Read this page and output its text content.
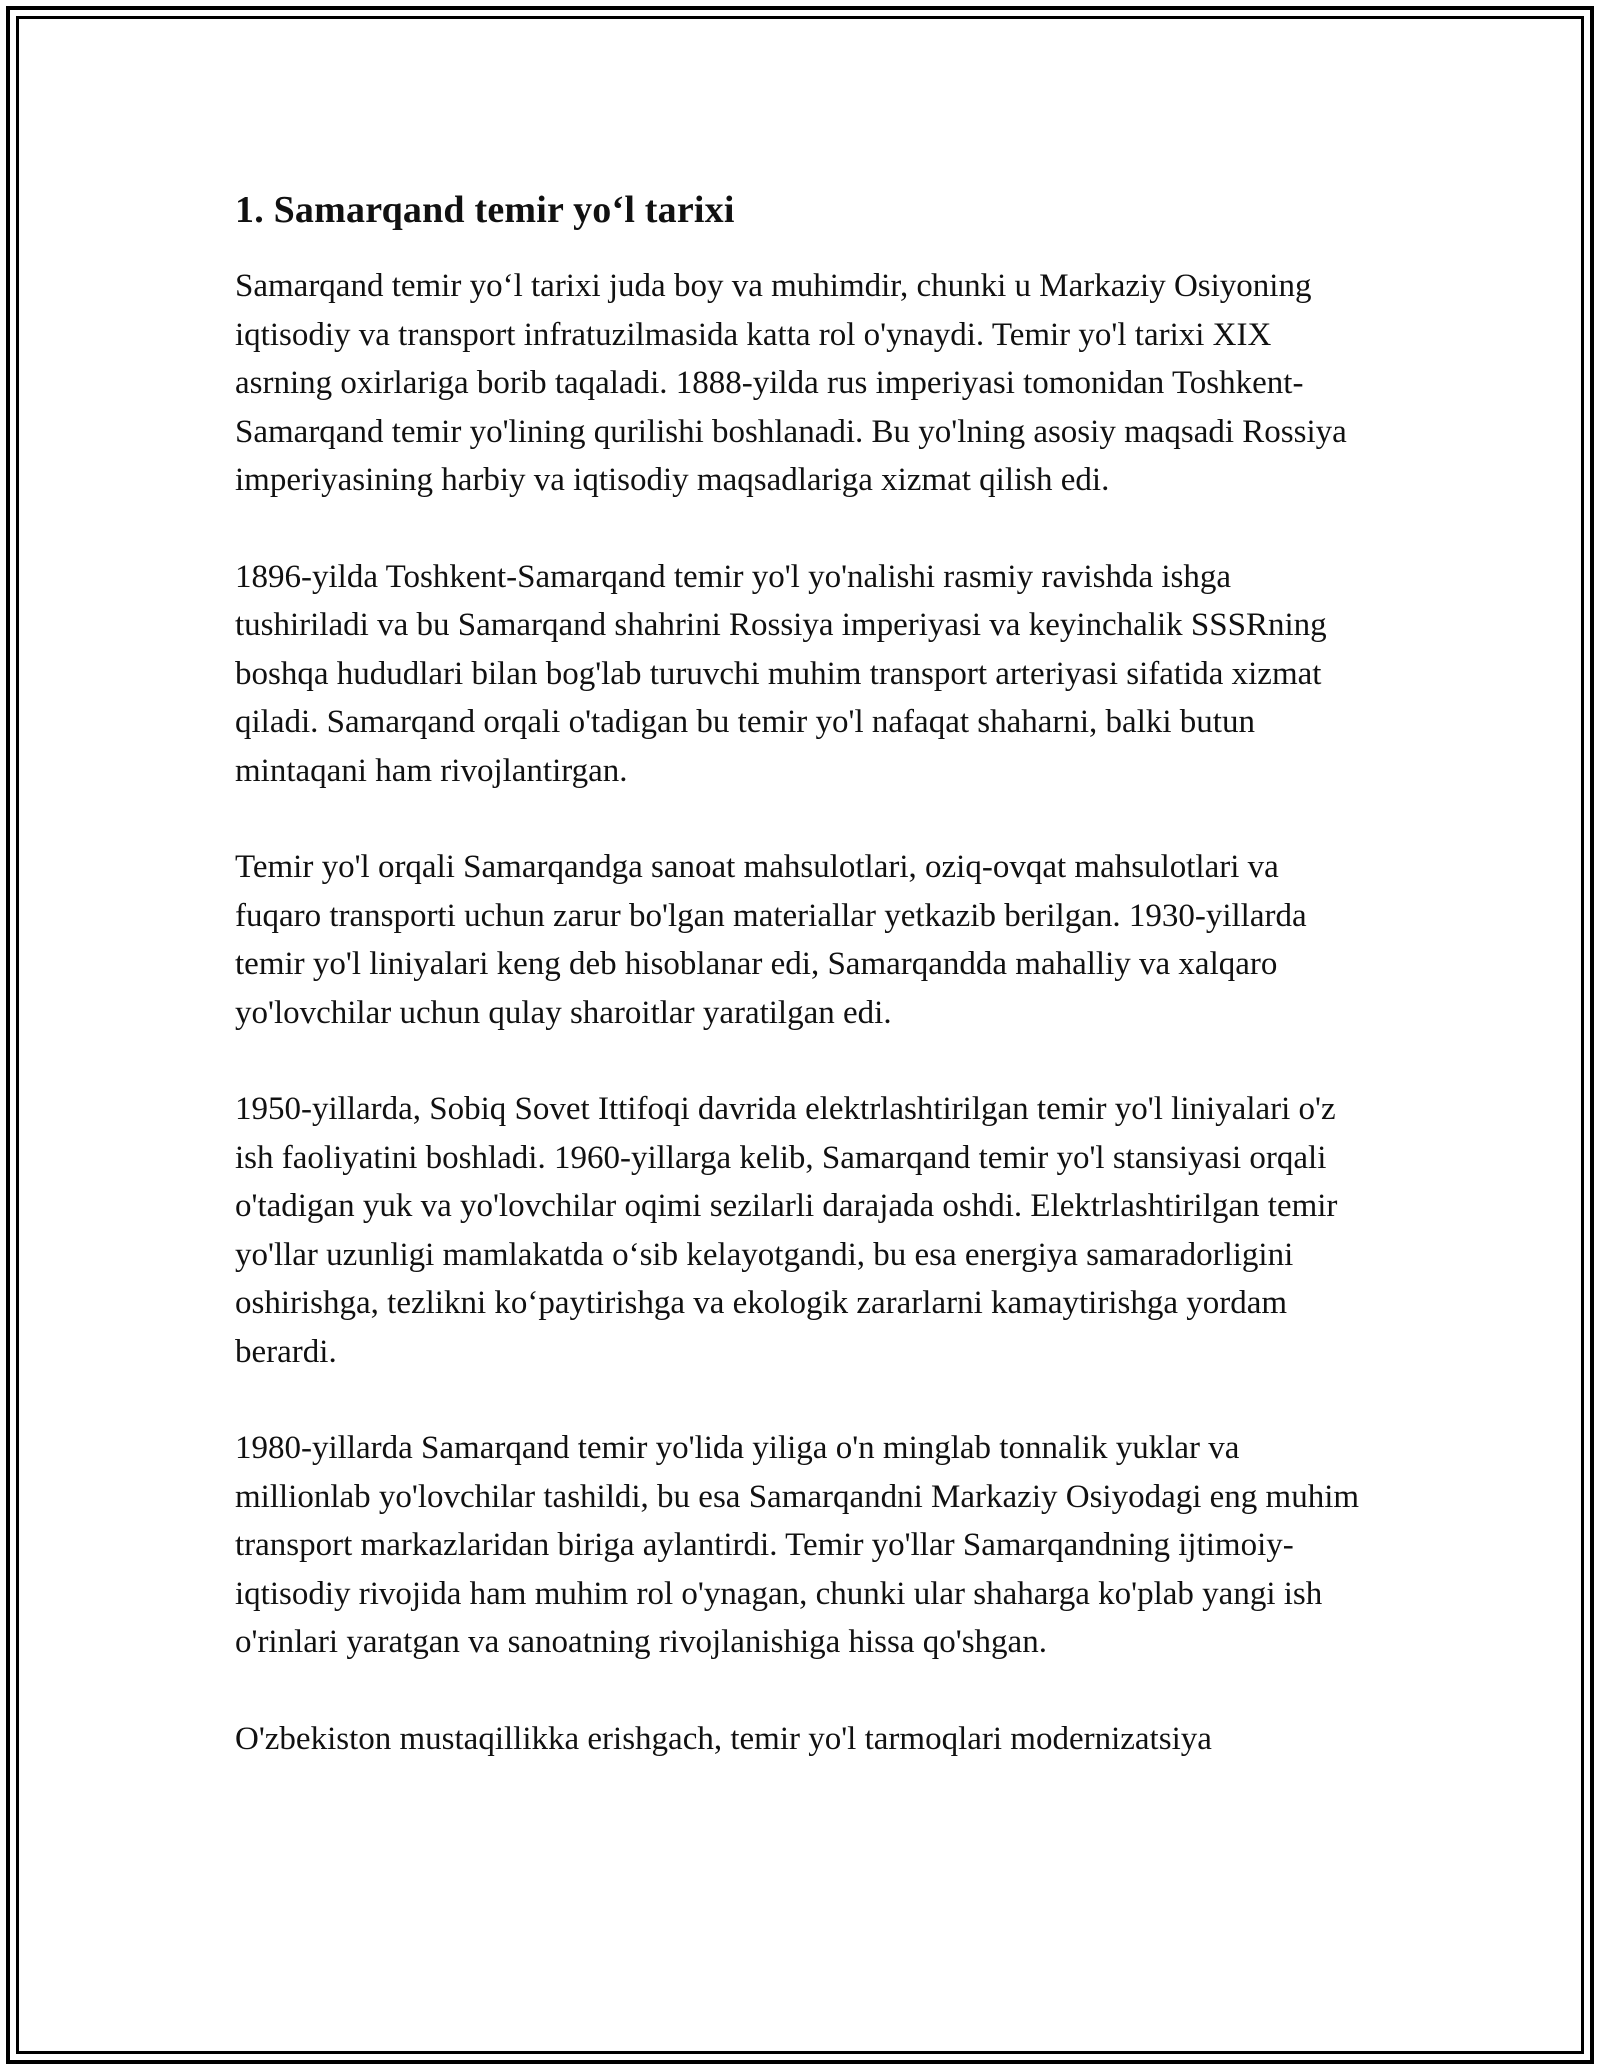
1. Samarqand temir yo‘l tarixi

Samarqand temir yo‘l tarixi juda boy va muhimdir, chunki u Markaziy Osiyoning iqtisodiy va transport infratuzilmasida katta rol o'ynaydi. Temir yo'l tarixi XIX asrning oxirlariga borib taqaladi. 1888-yilda rus imperiyasi tomonidan Toshkent-Samarqand temir yo'lining qurilishi boshlanadi. Bu yo'lning asosiy maqsadi Rossiya imperiyasining harbiy va iqtisodiy maqsadlariga xizmat qilish edi.

1896-yilda Toshkent-Samarqand temir yo'l yo'nalishi rasmiy ravishda ishga tushiriladi va bu Samarqand shahrini Rossiya imperiyasi va keyinchalik SSSRning boshqa hududlari bilan bog'lab turuvchi muhim transport arteriyasi sifatida xizmat qiladi. Samarqand orqali o'tadigan bu temir yo'l nafaqat shaharni, balki butun mintaqani ham rivojlantirgan.

Temir yo'l orqali Samarqandga sanoat mahsulotlari, oziq-ovqat mahsulotlari va fuqaro transporti uchun zarur bo'lgan materiallar yetkazib berilgan. 1930-yillarda temir yo'l liniyalari keng deb hisoblanar edi, Samarqandda mahalliy va xalqaro yo'lovchilar uchun qulay sharoitlar yaratilgan edi.

1950-yillarda, Sobiq Sovet Ittifoqi davrida elektrlashtirilgan temir yo'l liniyalari o'z ish faoliyatini boshladi. 1960-yillarga kelib, Samarqand temir yo'l stansiyasi orqali o'tadigan yuk va yo'lovchilar oqimi sezilarli darajada oshdi. Elektrlashtirilgan temir yo'llar uzunligi mamlakatda o‘sib kelayotgandi, bu esa energiya samaradorligini oshirishga, tezlikni ko‘paytirishga va ekologik zararlarni kamaytirishga yordam berardi.

1980-yillarda Samarqand temir yo'lida yiliga o'n minglab tonnalik yuklar va millionlab yo'lovchilar tashildi, bu esa Samarqandni Markaziy Osiyodagi eng muhim transport markazlaridan biriga aylantirdi. Temir yo'llar Samarqandning ijtimoiy-iqtisodiy rivojida ham muhim rol o'ynagan, chunki ular shaharga ko'plab yangi ish o'rinlari yaratgan va sanoatning rivojlanishiga hissa qo'shgan.

O'zbekiston mustaqillikka erishgach, temir yo'l tarmoqlari modernizatsiya
